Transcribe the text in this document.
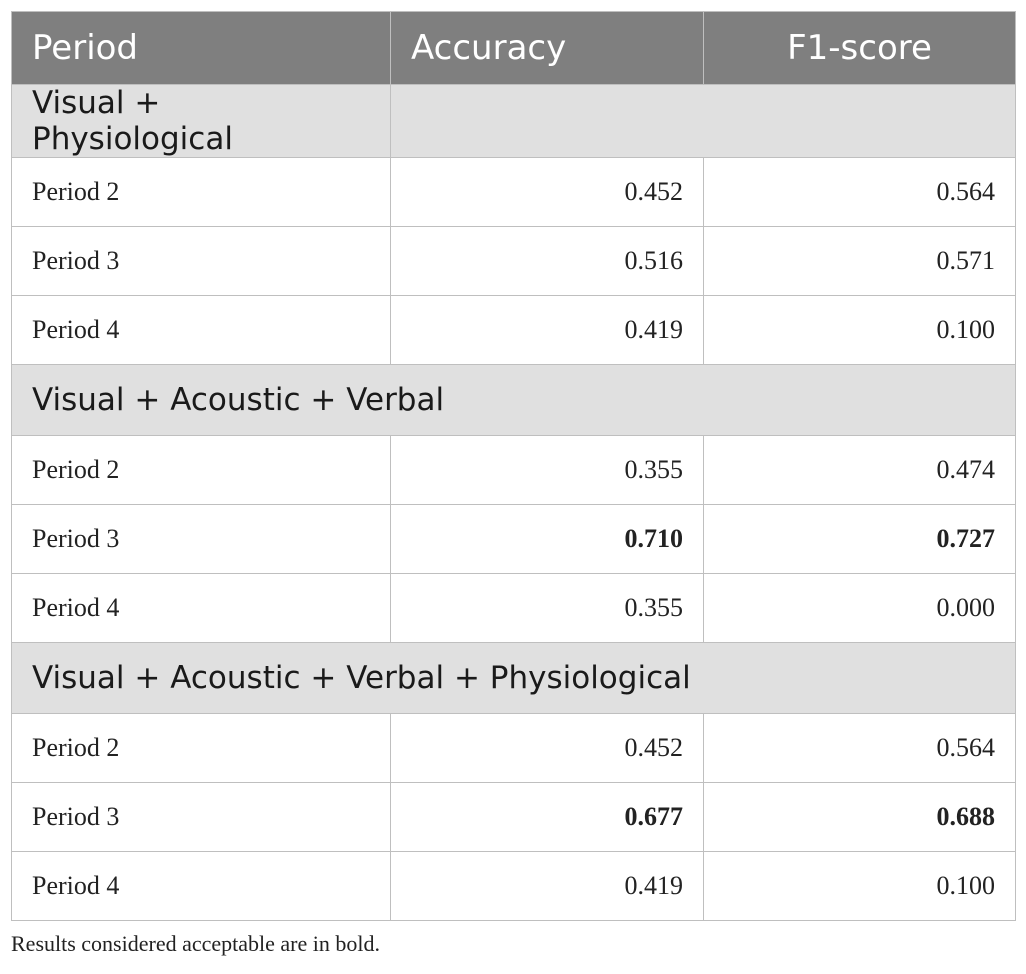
Period	Accuracy	F1-score
Visual + Physiological		
Period 2	0.452	0.564
Period 3	0.516	0.571
Period 4	0.419	0.100
Visual + Acoustic + Verbal		
Period 2	0.355	0.474
Period 3	0.710	0.727
Period 4	0.355	0.000
Visual + Acoustic + Verbal + Physiological		
Period 2	0.452	0.564
Period 3	0.677	0.688
Period 4	0.419	0.100
Results considered acceptable are in bold.
